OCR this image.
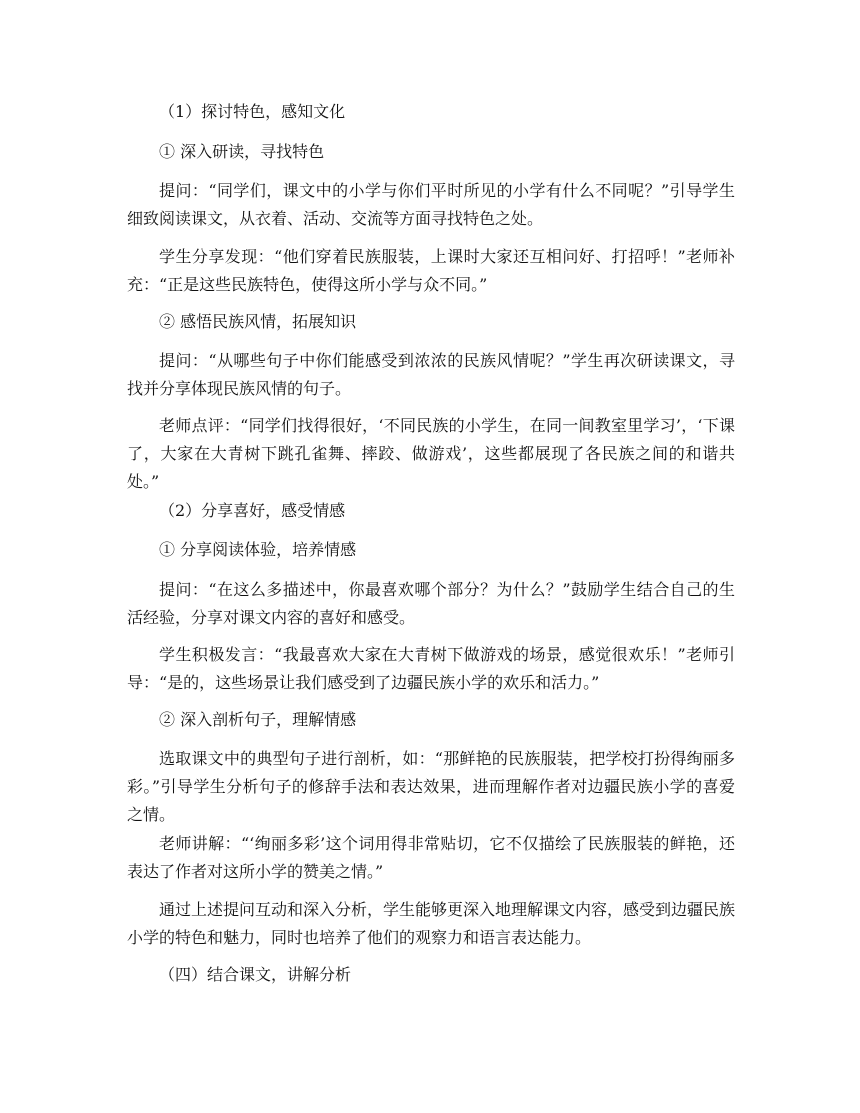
（1）探讨特色，感知文化

① 深入研读，寻找特色

提问：“同学们，课文中的小学与你们平时所见的小学有什么不同呢？”引导学生细致阅读课文，从衣着、活动、交流等方面寻找特色之处。

学生分享发现：“他们穿着民族服装，上课时大家还互相问好、打招呼！”老师补充：“正是这些民族特色，使得这所小学与众不同。”

② 感悟民族风情，拓展知识

提问：“从哪些句子中你们能感受到浓浓的民族风情呢？”学生再次研读课文，寻找并分享体现民族风情的句子。

老师点评：“同学们找得很好，‘不同民族的小学生，在同一间教室里学习’，‘下课了，大家在大青树下跳孔雀舞、摔跤、做游戏’，这些都展现了各民族之间的和谐共处。”

（2）分享喜好，感受情感

① 分享阅读体验，培养情感

提问：“在这么多描述中，你最喜欢哪个部分？为什么？”鼓励学生结合自己的生活经验，分享对课文内容的喜好和感受。

学生积极发言：“我最喜欢大家在大青树下做游戏的场景，感觉很欢乐！”老师引导：“是的，这些场景让我们感受到了边疆民族小学的欢乐和活力。”

② 深入剖析句子，理解情感

选取课文中的典型句子进行剖析，如：“那鲜艳的民族服装，把学校打扮得绚丽多彩。”引导学生分析句子的修辞手法和表达效果，进而理解作者对边疆民族小学的喜爱之情。

老师讲解：“‘绚丽多彩’这个词用得非常贴切，它不仅描绘了民族服装的鲜艳，还表达了作者对这所小学的赞美之情。”

通过上述提问互动和深入分析，学生能够更深入地理解课文内容，感受到边疆民族小学的特色和魅力，同时也培养了他们的观察力和语言表达能力。

（四）结合课文，讲解分析
